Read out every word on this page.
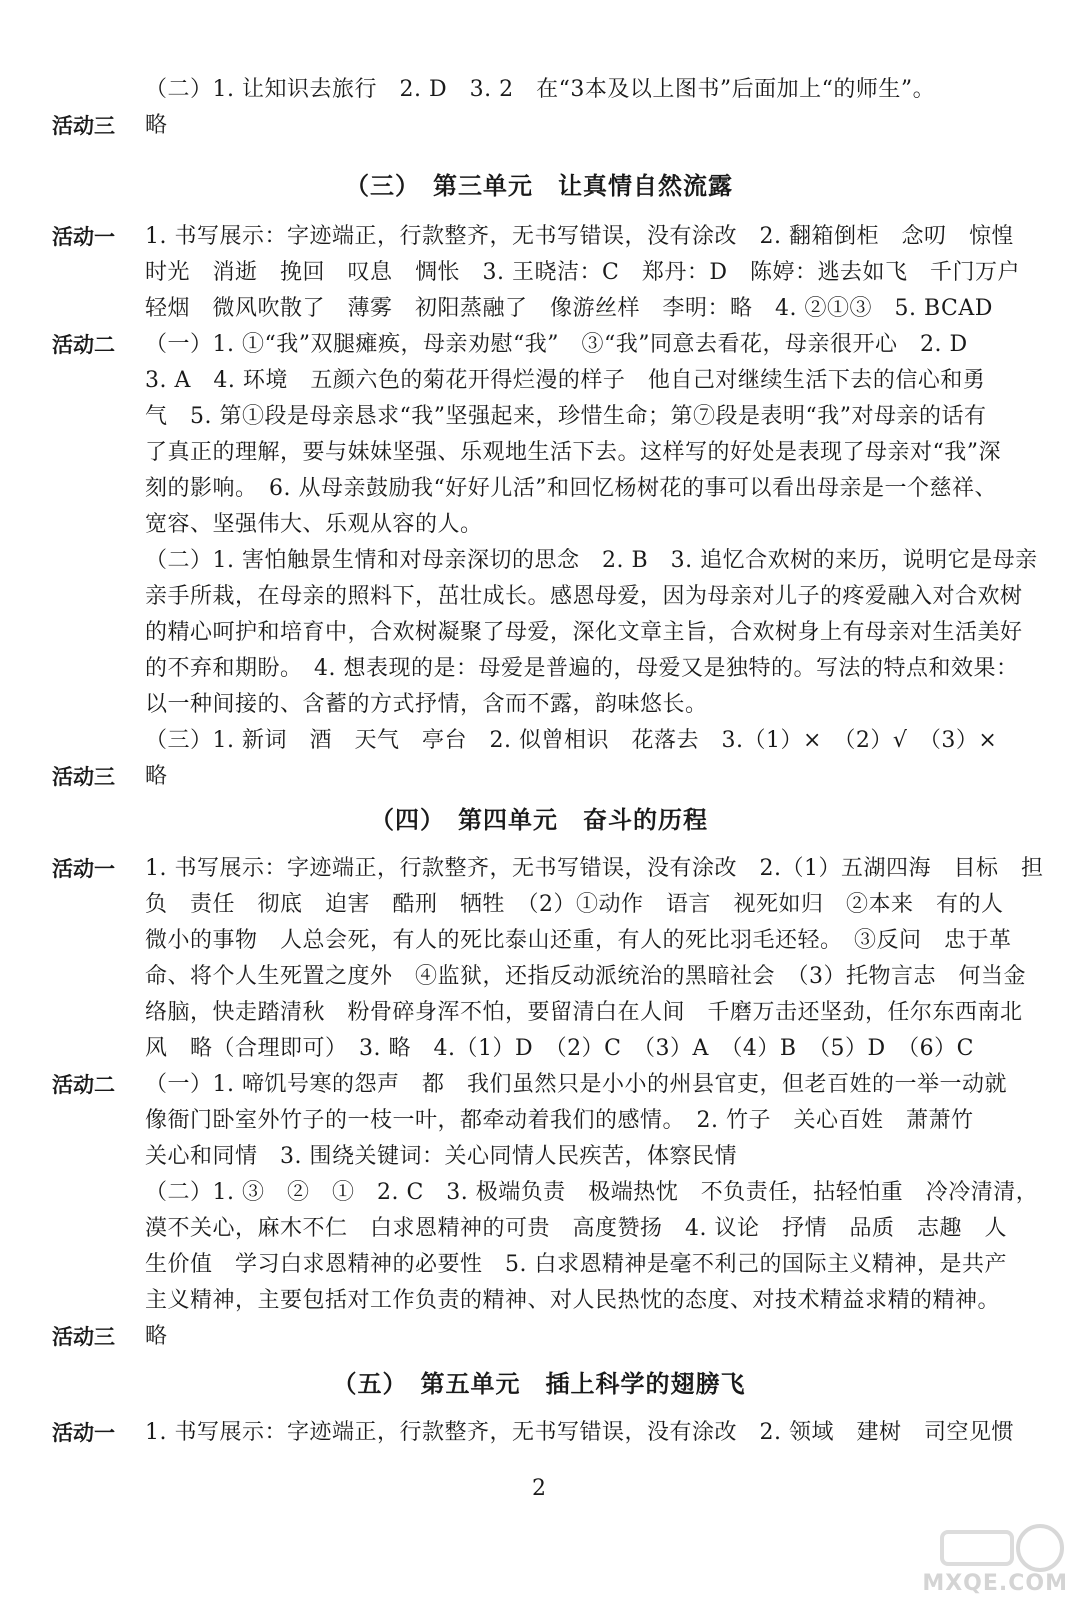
（二）1. 让知识去旅行　2. D　3. 2　在“3本及以上图书”后面加上“的师生”。
活动三 略
（三）　第三单元　让真情自然流露
活动一 1. 书写展示：字迹端正，行款整齐，无书写错误，没有涂改　2. 翻箱倒柜　念叨　惊惶
时光　消逝　挽回　叹息　惆怅　3. 王晓洁：C　郑丹：D　陈婷：逃去如飞　千门万户
轻烟　微风吹散了　薄雾　初阳蒸融了　像游丝样　李明：略　4. ②①③　5. BCAD
活动二 （一）1. ①“我”双腿瘫痪，母亲劝慰“我”　③“我”同意去看花，母亲很开心　2. D
3. A　4. 环境　五颜六色的菊花开得烂漫的样子　他自己对继续生活下去的信心和勇
气　5. 第①段是母亲恳求“我”坚强起来，珍惜生命；第⑦段是表明“我”对母亲的话有
了真正的理解，要与妹妹坚强、乐观地生活下去。这样写的好处是表现了母亲对“我”深
刻的影响。　6. 从母亲鼓励我“好好儿活”和回忆杨树花的事可以看出母亲是一个慈祥、
宽容、坚强伟大、乐观从容的人。
（二）1. 害怕触景生情和对母亲深切的思念　2. B　3. 追忆合欢树的来历，说明它是母亲
亲手所栽，在母亲的照料下，茁壮成长。感恩母爱，因为母亲对儿子的疼爱融入对合欢树
的精心呵护和培育中，合欢树凝聚了母爱，深化文章主旨，合欢树身上有母亲对生活美好
的不弃和期盼。　4. 想表现的是：母爱是普遍的，母爱又是独特的。写法的特点和效果：
以一种间接的、含蓄的方式抒情，含而不露，韵味悠长。
（三）1. 新词　酒　天气　亭台　2. 似曾相识　花落去　3.（1）×　（2）√　（3）×
活动三 略
（四）　第四单元　奋斗的历程
活动一 1. 书写展示：字迹端正，行款整齐，无书写错误，没有涂改　2.（1）五湖四海　目标　担
负　责任　彻底　迫害　酷刑　牺牲　（2）①动作　语言　视死如归　②本来　有的人
微小的事物　人总会死，有人的死比泰山还重，有人的死比羽毛还轻。　③反问　忠于革
命、将个人生死置之度外　④监狱，还指反动派统治的黑暗社会　（3）托物言志　何当金
络脑，快走踏清秋　粉骨碎身浑不怕，要留清白在人间　千磨万击还坚劲，任尔东西南北
风　略（合理即可）　3. 略　4.（1）D　（2）C　（3）A　（4）B　（5）D　（6）C
活动二 （一）1. 啼饥号寒的怨声　都　我们虽然只是小小的州县官吏，但老百姓的一举一动就
像衙门卧室外竹子的一枝一叶，都牵动着我们的感情。　2. 竹子　关心百姓　萧萧竹
关心和同情　3. 围绕关键词：关心同情人民疾苦，体察民情
（二）1. ③　②　①　2. C　3. 极端负责　极端热忱　不负责任，拈轻怕重　冷冷清清，
漠不关心，麻木不仁　白求恩精神的可贵　高度赞扬　4. 议论　抒情　品质　志趣　人
生价值　学习白求恩精神的必要性　5. 白求恩精神是毫不利己的国际主义精神，是共产
主义精神，主要包括对工作负责的精神、对人民热忱的态度、对技术精益求精的精神。
活动三 略
（五）　第五单元　插上科学的翅膀飞
活动一 1. 书写展示：字迹端正，行款整齐，无书写错误，没有涂改　2. 领域　建树　司空见惯
2
MXQE.COM
